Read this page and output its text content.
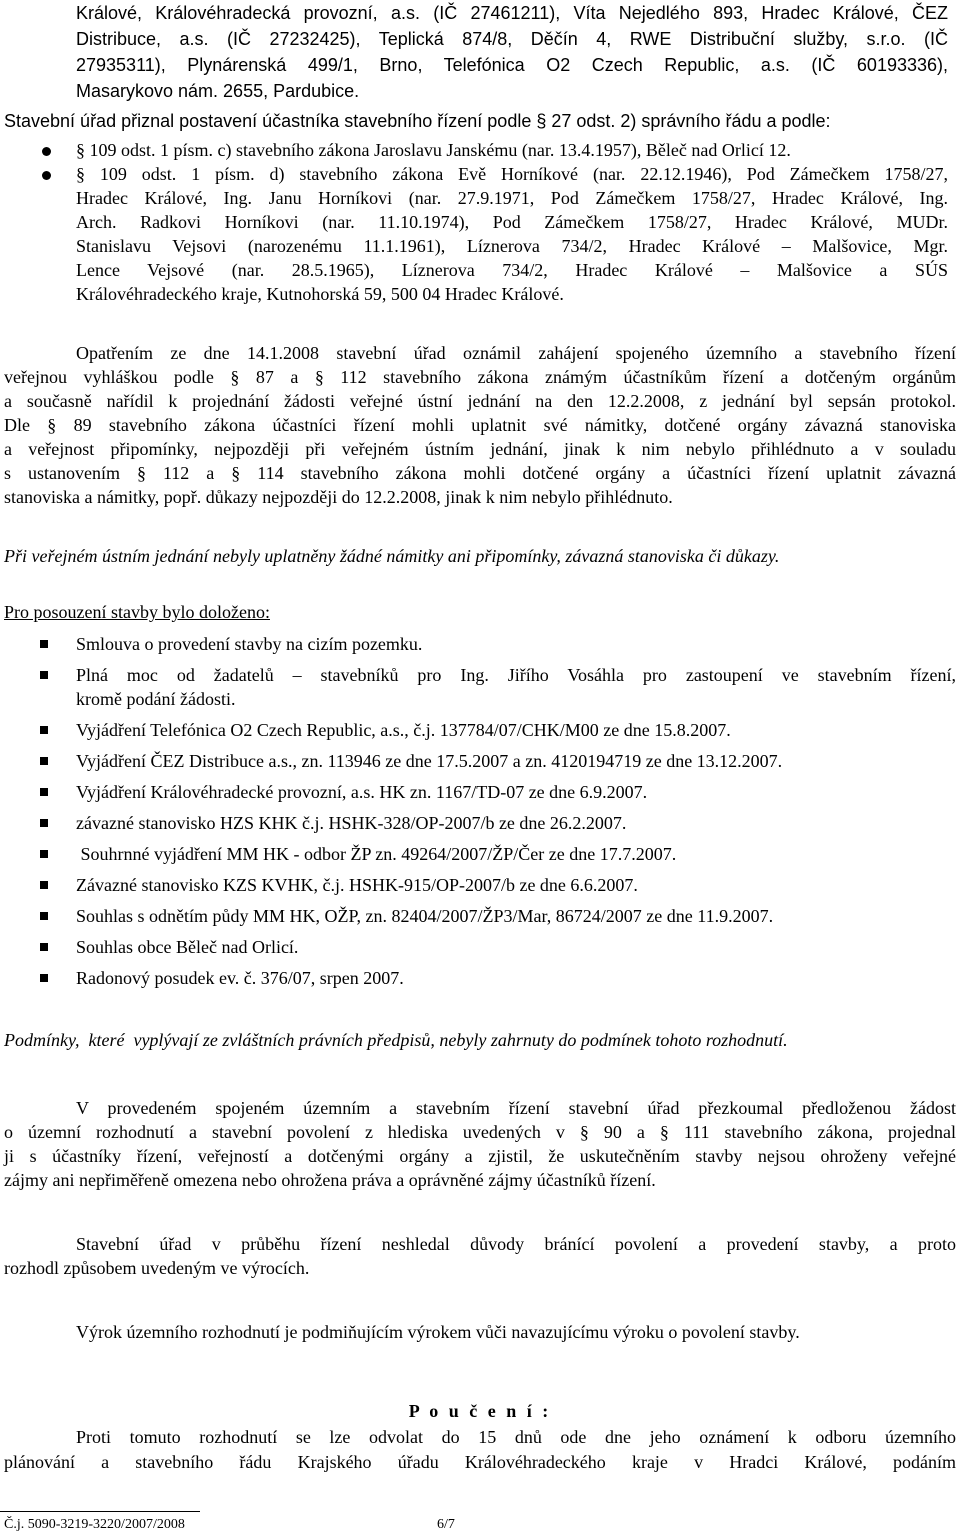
Králové, Královéhradecká provozní, a.s. (IČ 27461211), Víta Nejedlého 893, Hradec Králové, ČEZ
Distribuce, a.s. (IČ 27232425), Teplická 874/8, Děčín 4, RWE Distribuční služby, s.r.o. (IČ
27935311), Plynárenská 499/1, Brno, Telefónica O2 Czech Republic, a.s. (IČ 60193336),
Masarykovo nám. 2655, Pardubice.
Stavební úřad přiznal postavení účastníka stavebního řízení podle § 27 odst. 2) správního řádu a podle:
§ 109 odst. 1 písm. c) stavebního zákona Jaroslavu Janskému (nar. 13.4.1957), Běleč nad Orlicí 12.
§ 109 odst. 1 písm. d) stavebního zákona Evě Horníkové (nar. 22.12.1946), Pod Zámečkem 1758/27,
Hradec Králové, Ing. Janu Horníkovi (nar. 27.9.1971, Pod Zámečkem 1758/27, Hradec Králové, Ing.
Arch. Radkovi Horníkovi (nar. 11.10.1974), Pod Zámečkem 1758/27, Hradec Králové, MUDr.
Stanislavu Vejsovi (narozenému 11.1.1961), Líznerova 734/2, Hradec Králové – Malšovice, Mgr.
Lence Vejsové (nar. 28.5.1965), Líznerova 734/2, Hradec Králové – Malšovice a SÚS
Královéhradeckého kraje, Kutnohorská 59, 500 04 Hradec Králové.
Opatřením ze dne 14.1.2008 stavební úřad oznámil zahájení spojeného územního a stavebního řízení
veřejnou vyhláškou podle § 87 a § 112 stavebního zákona známým účastníkům řízení a dotčeným orgánům
a současně nařídil k projednání žádosti veřejné ústní jednání na den 12.2.2008, z jednání byl sepsán protokol.
Dle § 89 stavebního zákona účastníci řízení mohli uplatnit své námitky, dotčené orgány závazná stanoviska
a veřejnost připomínky, nejpozději při veřejném ústním jednání, jinak k nim nebylo přihlédnuto a v souladu
s ustanovením § 112 a § 114 stavebního zákona mohli dotčené orgány a účastníci řízení uplatnit závazná
stanoviska a námitky, popř. důkazy nejpozději do 12.2.2008, jinak k nim nebylo přihlédnuto.
Při veřejném ústním jednání nebyly uplatněny žádné námitky ani připomínky, závazná stanoviska či důkazy.
Pro posouzení stavby bylo doloženo:
Smlouva o provedení stavby na cizím pozemku.
Plná moc od žadatelů – stavebníků pro Ing. Jiřího Vosáhla pro zastoupení ve stavebním řízení,
kromě podání žádosti.
Vyjádření Telefónica O2 Czech Republic, a.s., č.j. 137784/07/CHK/M00 ze dne 15.8.2007.
Vyjádření ČEZ Distribuce a.s., zn. 113946 ze dne 17.5.2007 a zn. 4120194719 ze dne 13.12.2007.
Vyjádření Královéhradecké provozní, a.s. HK zn. 1167/TD-07 ze dne 6.9.2007.
závazné stanovisko HZS KHK č.j. HSHK-328/OP-2007/b ze dne 26.2.2007.
Souhrnné vyjádření MM HK - odbor ŽP zn. 49264/2007/ŽP/Čer ze dne 17.7.2007.
Závazné stanovisko KZS KVHK, č.j. HSHK-915/OP-2007/b ze dne 6.6.2007.
Souhlas s odnětím půdy MM HK, OŽP, zn. 82404/2007/ŽP3/Mar, 86724/2007 ze dne 11.9.2007.
Souhlas obce Běleč nad Orlicí.
Radonový posudek ev. č. 376/07, srpen 2007.
Podmínky,  které  vyplývají ze zvláštních právních předpisů, nebyly zahrnuty do podmínek tohoto rozhodnutí.
V provedeném spojeném územním a stavebním řízení stavební úřad přezkoumal předloženou žádost
o územní rozhodnutí a stavební povolení z hlediska uvedených v § 90 a § 111 stavebního zákona, projednal
ji s účastníky řízení, veřejností a dotčenými orgány a zjistil, že uskutečněním stavby nejsou ohroženy veřejné
zájmy ani nepřiměřeně omezena nebo ohrožena práva a oprávněné zájmy účastníků řízení.
Stavební úřad v průběhu řízení neshledal důvody bránící povolení a provedení stavby, a proto
rozhodl způsobem uvedeným ve výrocích.
Výrok územního rozhodnutí je podmiňujícím výrokem vůči navazujícímu výroku o povolení stavby.
P o u č e n í :
Proti tomuto rozhodnutí se lze odvolat do 15 dnů ode dne jeho oznámení k odboru územního
plánování a stavebního řádu Krajského úřadu Královéhradeckého kraje v Hradci Králové, podáním
Č.j. 5090-3219-3220/2007/2008	6/7
